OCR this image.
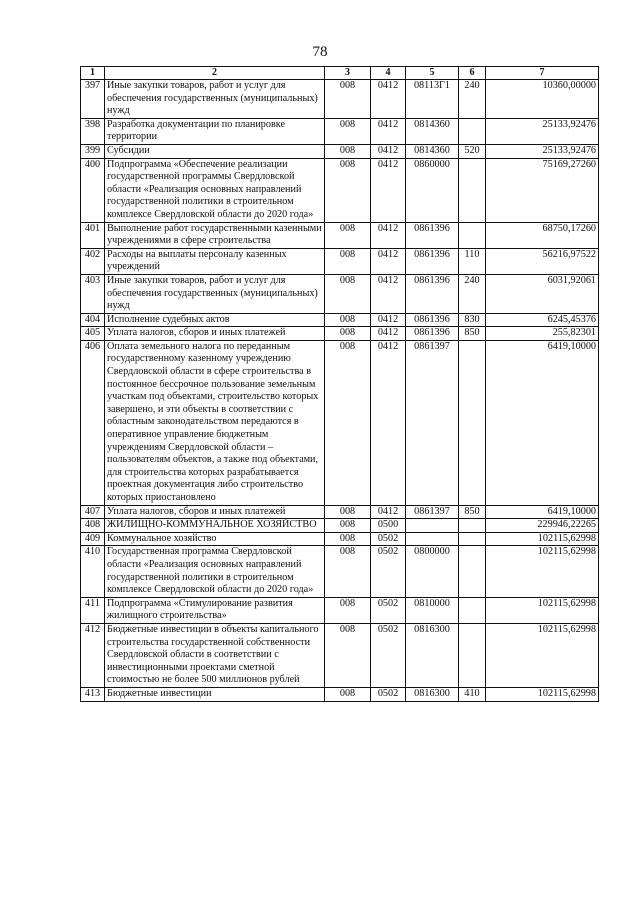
78
1	2	3	4	5	6	7
397	Иные закупки товаров, работ и услуг для обеспечения государственных (муниципальных) нужд	008	0412	08113Г1	240	10360,00000
398	Разработка документации по планировке территории	008	0412	0814360		25133,92476
399	Субсидии	008	0412	0814360	520	25133,92476
400	Подпрограмма «Обеспечение реализации государственной программы Свердловской области «Реализация основных направлений государственной политики в строительном комплексе Свердловской области до 2020 года»	008	0412	0860000		75169,27260
401	Выполнение работ государственными казенными учреждениями в сфере строительства	008	0412	0861396		68750,17260
402	Расходы на выплаты персоналу казенных учреждений	008	0412	0861396	110	56216,97522
403	Иные закупки товаров, работ и услуг для обеспечения государственных (муниципальных) нужд	008	0412	0861396	240	6031,92061
404	Исполнение судебных актов	008	0412	0861396	830	6245,45376
405	Уплата налогов, сборов и иных платежей	008	0412	0861396	850	255,82301
406	Оплата земельного налога по переданным государственному казенному учреждению Свердловской области в сфере строительства в постоянное бессрочное пользование земельным участкам под объектами, строительство которых завершено, и эти объекты в соответствии с областным законодательством передаются в оперативное управление бюджетным учреждениям Свердловской области – пользователям объектов, а также под объектами, для строительства которых разрабатывается проектная документация либо строительство которых приостановлено	008	0412	0861397		6419,10000
407	Уплата налогов, сборов и иных платежей	008	0412	0861397	850	6419,10000
408	ЖИЛИЩНО-КОММУНАЛЬНОЕ ХОЗЯЙСТВО	008	0500			229946,22265
409	Коммунальное хозяйство	008	0502			102115,62998
410	Государственная программа Свердловской области «Реализация основных направлений государственной политики в строительном комплексе Свердловской области до 2020 года»	008	0502	0800000		102115,62998
411	Подпрограмма «Стимулирование развития жилищного строительства»	008	0502	0810000		102115,62998
412	Бюджетные инвестиции в объекты капитального строительства государственной собственности Свердловской области в соответствии с инвестиционными проектами сметной стоимостью не более 500 миллионов рублей	008	0502	0816300		102115,62998
413	Бюджетные инвестиции	008	0502	0816300	410	102115,62998
